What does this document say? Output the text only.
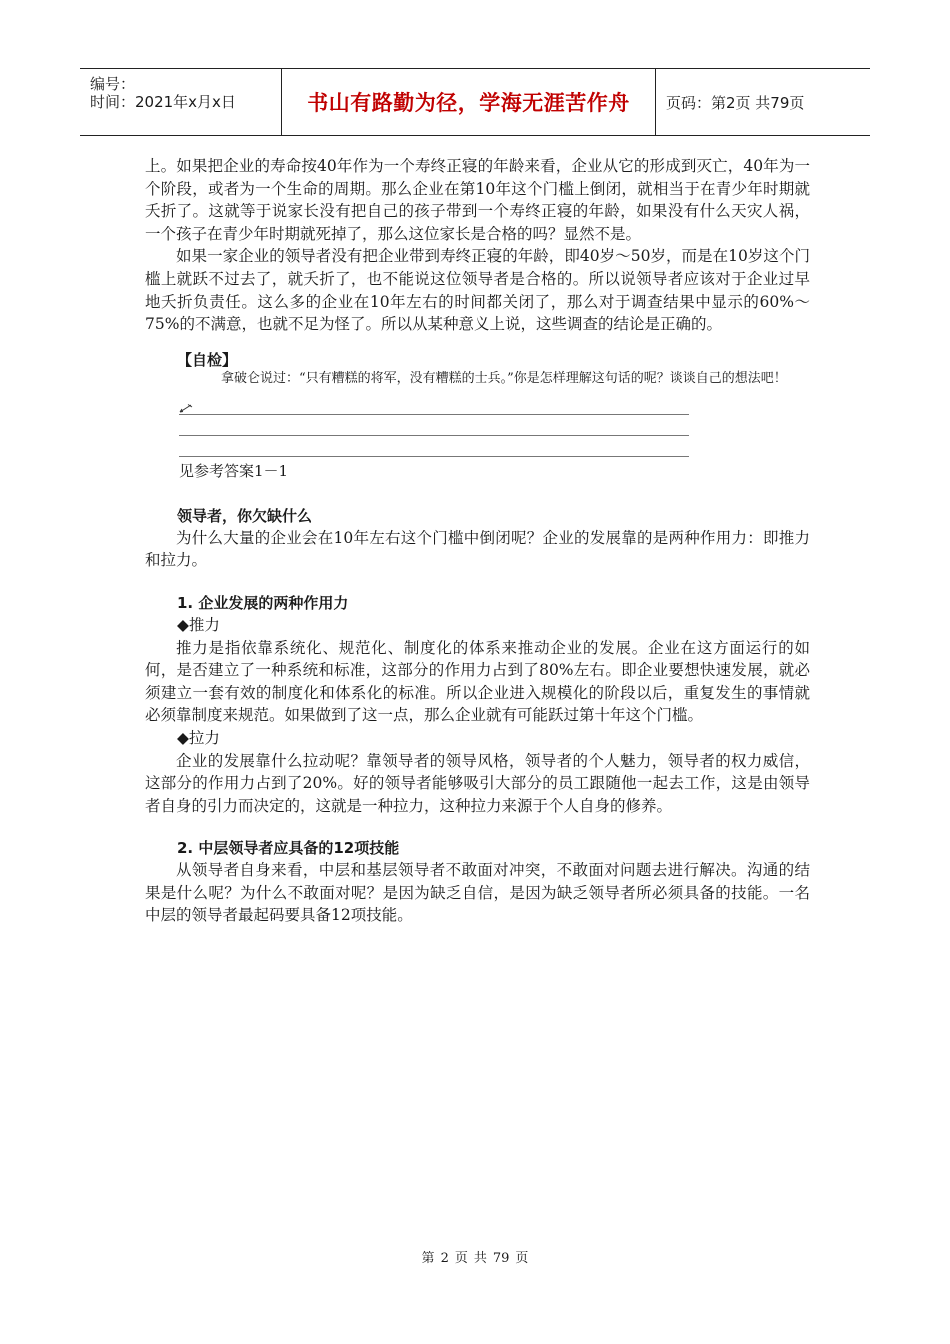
编号：
时间：2021年x月x日	书山有路勤为径，学海无涯苦作舟	页码：第2页 共79页

上。如果把企业的寿命按40年作为一个寿终正寝的年龄来看，企业从它的形成到灭亡，40年为一个阶段，或者为一个生命的周期。那么企业在第10年这个门槛上倒闭，就相当于在青少年时期就夭折了。这就等于说家长没有把自己的孩子带到一个寿终正寝的年龄，如果没有什么天灾人祸，一个孩子在青少年时期就死掉了，那么这位家长是合格的吗？显然不是。

如果一家企业的领导者没有把企业带到寿终正寝的年龄，即40岁～50岁，而是在10岁这个门槛上就跃不过去了，就夭折了，也不能说这位领导者是合格的。所以说领导者应该对于企业过早地夭折负责任。这么多的企业在10年左右的时间都关闭了，那么对于调查结果中显示的60%～75%的不满意，也就不足为怪了。所以从某种意义上说，这些调查的结论是正确的。

【自检】
拿破仑说过：“只有糟糕的将军，没有糟糕的士兵。”你是怎样理解这句话的呢？谈谈自己的想法吧！
见参考答案1－1
领导者，你欠缺什么

为什么大量的企业会在10年左右这个门槛中倒闭呢？企业的发展靠的是两种作用力：即推力和拉力。

1. 企业发展的两种作用力
◆推力

推力是指依靠系统化、规范化、制度化的体系来推动企业的发展。企业在这方面运行的如何，是否建立了一种系统和标准，这部分的作用力占到了80%左右。即企业要想快速发展，就必须建立一套有效的制度化和体系化的标准。所以企业进入规模化的阶段以后，重复发生的事情就必须靠制度来规范。如果做到了这一点，那么企业就有可能跃过第十年这个门槛。

◆拉力

企业的发展靠什么拉动呢？靠领导者的领导风格，领导者的个人魅力，领导者的权力威信，这部分的作用力占到了20%。好的领导者能够吸引大部分的员工跟随他一起去工作，这是由领导者自身的引力而决定的，这就是一种拉力，这种拉力来源于个人自身的修养。

2. 中层领导者应具备的12项技能

从领导者自身来看，中层和基层领导者不敢面对冲突，不敢面对问题去进行解决。沟通的结果是什么呢？为什么不敢面对呢？是因为缺乏自信，是因为缺乏领导者所必须具备的技能。一名中层的领导者最起码要具备12项技能。

第 2 页 共 79 页
